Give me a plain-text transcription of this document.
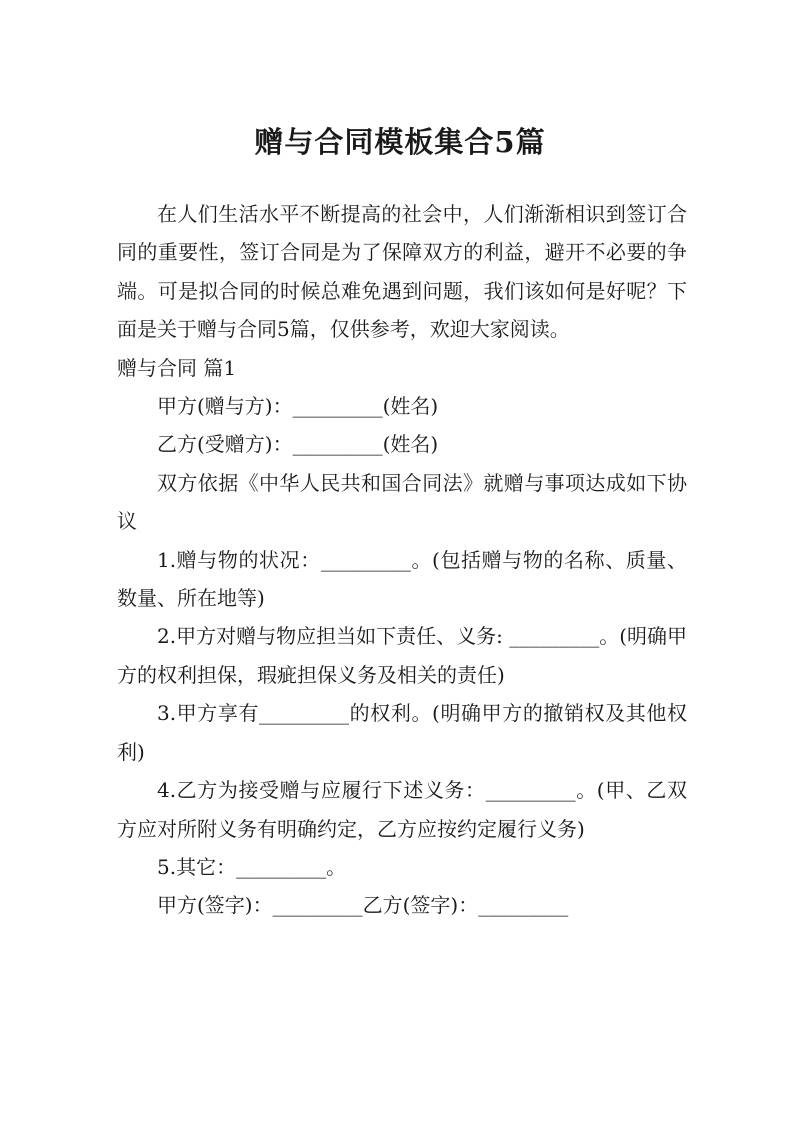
赠与合同模板集合5篇

在人们生活水平不断提高的社会中，人们渐渐相识到签订合同的重要性，签订合同是为了保障双方的利益，避开不必要的争端。可是拟合同的时候总难免遇到问题，我们该如何是好呢？下面是关于赠与合同5篇，仅供参考，欢迎大家阅读。

赠与合同 篇1

甲方(赠与方)：_________(姓名)

乙方(受赠方)：_________(姓名)

双方依据《中华人民共和国合同法》就赠与事项达成如下协议

1.赠与物的状况：_________。(包括赠与物的名称、质量、数量、所在地等)

2.甲方对赠与物应担当如下责任、义务: _________。(明确甲方的权利担保，瑕疵担保义务及相关的责任)

3.甲方享有_________的权利。(明确甲方的撤销权及其他权利)

4.乙方为接受赠与应履行下述义务：_________。(甲、乙双方应对所附义务有明确约定，乙方应按约定履行义务)

5.其它：_________。

甲方(签字)：_________乙方(签字)：_________
